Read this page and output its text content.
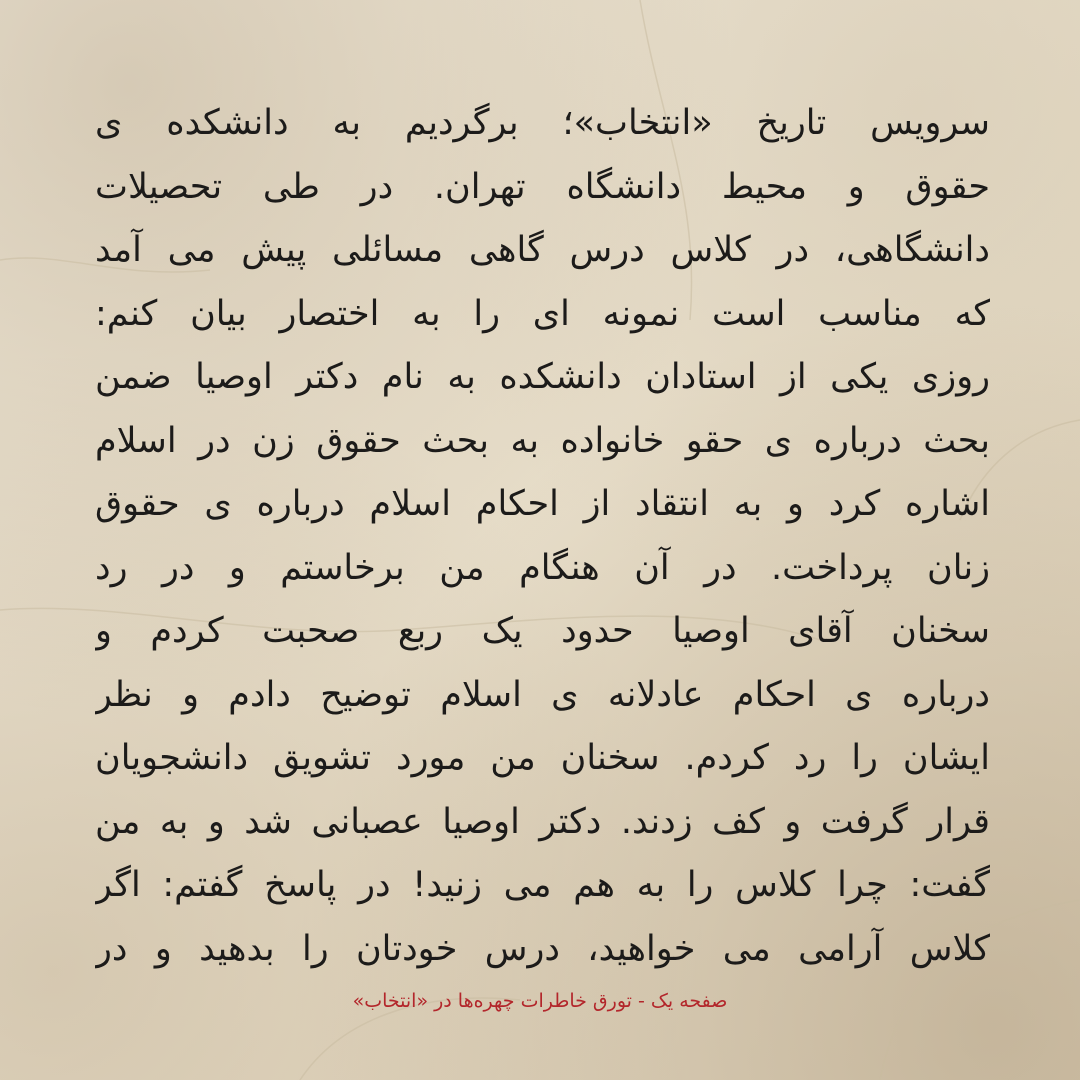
سرویس تاریخ «انتخاب»؛ برگردیم به دانشکده ی
حقوق و محیط دانشگاه تهران. در طی تحصیلات
دانشگاهی، در کلاس درس گاهی مسائلی پیش می آمد
که مناسب است نمونه ای را به اختصار بیان کنم:
روزی یکی از استادان دانشکده به نام دکتر اوصیا ضمن
بحث درباره ی حقو خانواده به بحث حقوق زن در اسلام
اشاره کرد و به انتقاد از احکام اسلام درباره ی حقوق
زنان پرداخت. در آن هنگام من برخاستم و در رد
سخنان آقای اوصیا حدود یک ربع صحبت کردم و
درباره ی احکام عادلانه ی اسلام توضیح دادم و نظر
ایشان را رد کردم. سخنان من مورد تشویق دانشجویان
قرار گرفت و کف زدند. دکتر اوصیا عصبانی شد و به من
گفت: چرا کلاس را به هم می زنید! در پاسخ گفتم: اگر
کلاس آرامی می خواهید، درس خودتان را بدهید و در
صفحه یک - تورق خاطرات چهره‌ها در «انتخاب»
